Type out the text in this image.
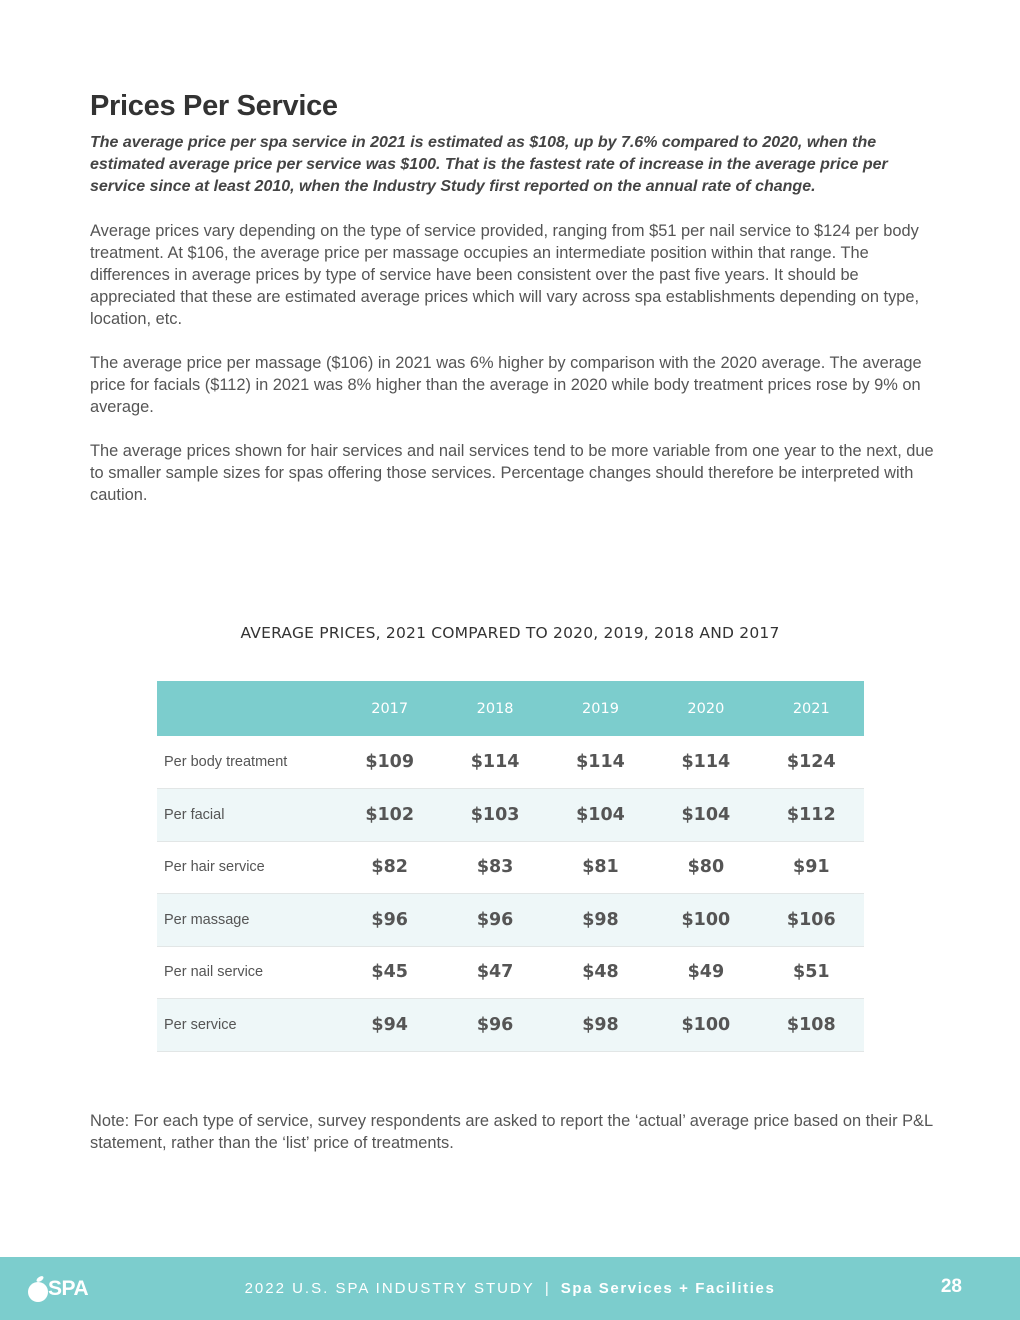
Prices Per Service

The average price per spa service in 2021 is estimated as $108, up by 7.6% compared to 2020, when the estimated average price per service was $100. That is the fastest rate of increase in the average price per service since at least 2010, when the Industry Study first reported on the annual rate of change.

Average prices vary depending on the type of service provided, ranging from $51 per nail service to $124 per body treatment. At $106, the average price per massage occupies an intermediate position within that range. The differences in average prices by type of service have been consistent over the past five years. It should be appreciated that these are estimated average prices which will vary across spa establishments depending on type, location, etc.

The average price per massage ($106) in 2021 was 6% higher by comparison with the 2020 average. The average price for facials ($112) in 2021 was 8% higher than the average in 2020 while body treatment prices rose by 9% on average.

The average prices shown for hair services and nail services tend to be more variable from one year to the next, due to smaller sample sizes for spas offering those services. Percentage changes should therefore be interpreted with caution.

AVERAGE PRICES, 2021 COMPARED TO 2020, 2019, 2018 AND 2017
	2017	2018	2019	2020	2021
Per body treatment	$109	$114	$114	$114	$124
Per facial	$102	$103	$104	$104	$112
Per hair service	$82	$83	$81	$80	$91
Per massage	$96	$96	$98	$100	$106
Per nail service	$45	$47	$48	$49	$51
Per service	$94	$96	$98	$100	$108

Note: For each type of service, survey respondents are asked to report the ‘actual’ average price based on their P&L statement, rather than the ‘list’ price of treatments.

SPA	2022 U.S. SPA INDUSTRY STUDY | Spa Services + Facilities	28
